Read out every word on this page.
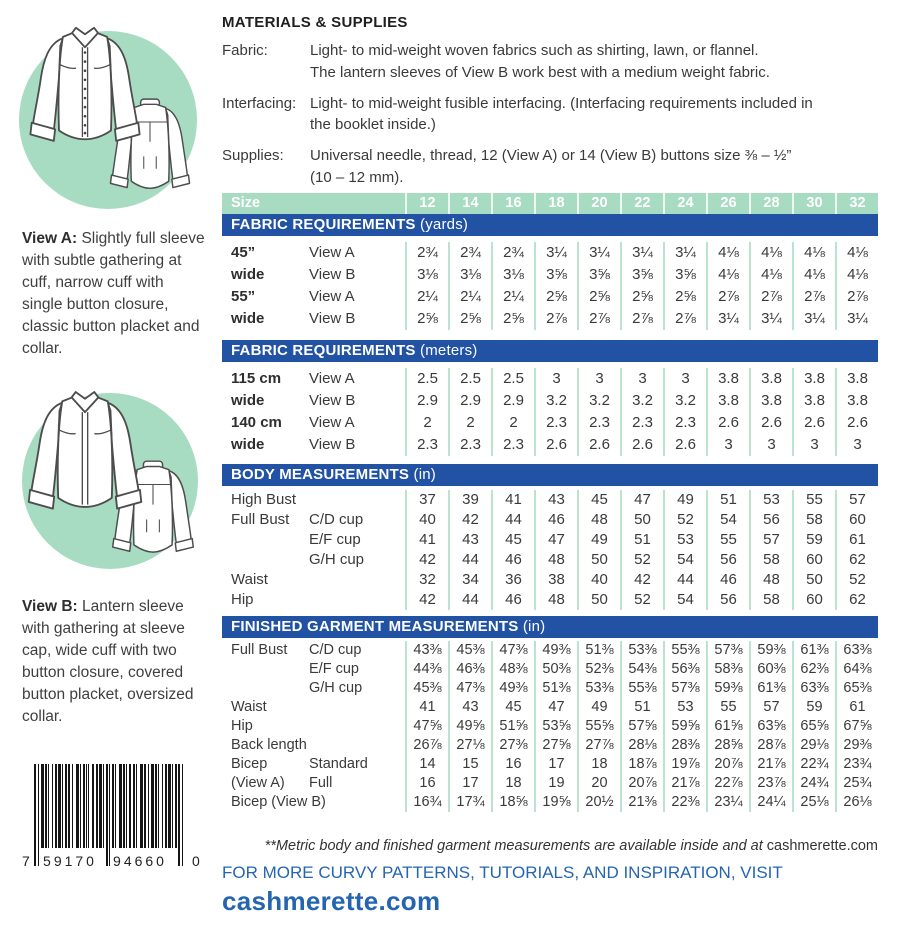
View A: Slightly full sleeve with subtle gathering at cuff, narrow cuff with single button closure, classic button placket and collar.
View B: Lantern sleeve with gathering at sleeve cap, wide cuff with two button closure, covered button placket, oversized collar.
7 59170 94660 0
MATERIALS & SUPPLIES
Fabric:	Light- to mid-weight woven fabrics such as shirting, lawn, or flannel.
The lantern sleeves of View B work best with a medium weight fabric.
Interfacing: Light- to mid-weight fusible interfacing. (Interfacing requirements included in
the booklet inside.)
Supplies:	Universal needle, thread, 12 (View A) or 14 (View B) buttons size ⅜ – ½”
(10 – 12 mm).
Size	12	14	16	18	20	22	24	26	28	30	32
FABRIC REQUIREMENTS (yards)
45”	View A	2¾	2¾	2¾	3¼	3¼	3¼	3¼	4⅛	4⅛	4⅛	4⅛
wide	View B	3⅛	3⅛	3⅛	3⅝	3⅝	3⅝	3⅝	4⅛	4⅛	4⅛	4⅛
55”	View A	2¼	2¼	2¼	2⅝	2⅝	2⅝	2⅝	2⅞	2⅞	2⅞	2⅞
wide	View B	2⅝	2⅝	2⅝	2⅞	2⅞	2⅞	2⅞	3¼	3¼	3¼	3¼
FABRIC REQUIREMENTS (meters)
115 cm	View A	2.5	2.5	2.5	3	3	3	3	3.8	3.8	3.8	3.8
wide	View B	2.9	2.9	2.9	3.2	3.2	3.2	3.2	3.8	3.8	3.8	3.8
140 cm	View A	2	2	2	2.3	2.3	2.3	2.3	2.6	2.6	2.6	2.6
wide	View B	2.3	2.3	2.3	2.6	2.6	2.6	2.6	3	3	3	3
BODY MEASUREMENTS (in)
High Bust	37	39	41	43	45	47	49	51	53	55	57
Full Bust	C/D cup	40	42	44	46	48	50	52	54	56	58	60
E/F cup	41	43	45	47	49	51	53	55	57	59	61
G/H cup	42	44	46	48	50	52	54	56	58	60	62
Waist	32	34	36	38	40	42	44	46	48	50	52
Hip	42	44	46	48	50	52	54	56	58	60	62
FINISHED GARMENT MEASUREMENTS (in)
Full Bust	C/D cup	43⅜	45⅜	47⅜	49⅜	51⅜	53⅜	55⅜	57⅜	59⅜	61⅜	63⅜
E/F cup	44⅜	46⅜	48⅜	50⅜	52⅜	54⅜	56⅜	58⅜	60⅜	62⅜	64⅜
G/H cup	45⅜	47⅜	49⅜	51⅜	53⅜	55⅜	57⅜	59⅜	61⅜	63⅜	65⅜
Waist	41	43	45	47	49	51	53	55	57	59	61
Hip	47⅝	49⅝	51⅝	53⅝	55⅝	57⅝	59⅝	61⅝	63⅝	65⅝	67⅝
Back length	26⅞	27⅛	27⅜	27⅝	27⅞	28⅛	28⅜	28⅝	28⅞	29⅛	29⅜
Bicep	Standard	14	15	16	17	18	18⅞	19⅞	20⅞	21⅞	22¾	23¾
(View A)	Full	16	17	18	19	20	20⅞	21⅞	22⅞	23⅞	24¾	25¾
Bicep (View B)	16¾	17¾	18⅝	19⅝	20½	21⅜	22⅜	23¼	24¼	25⅛	26⅛
**Metric body and finished garment measurements are available inside and at cashmerette.com
FOR MORE CURVY PATTERNS, TUTORIALS, AND INSPIRATION, VISIT
cashmerette.com
